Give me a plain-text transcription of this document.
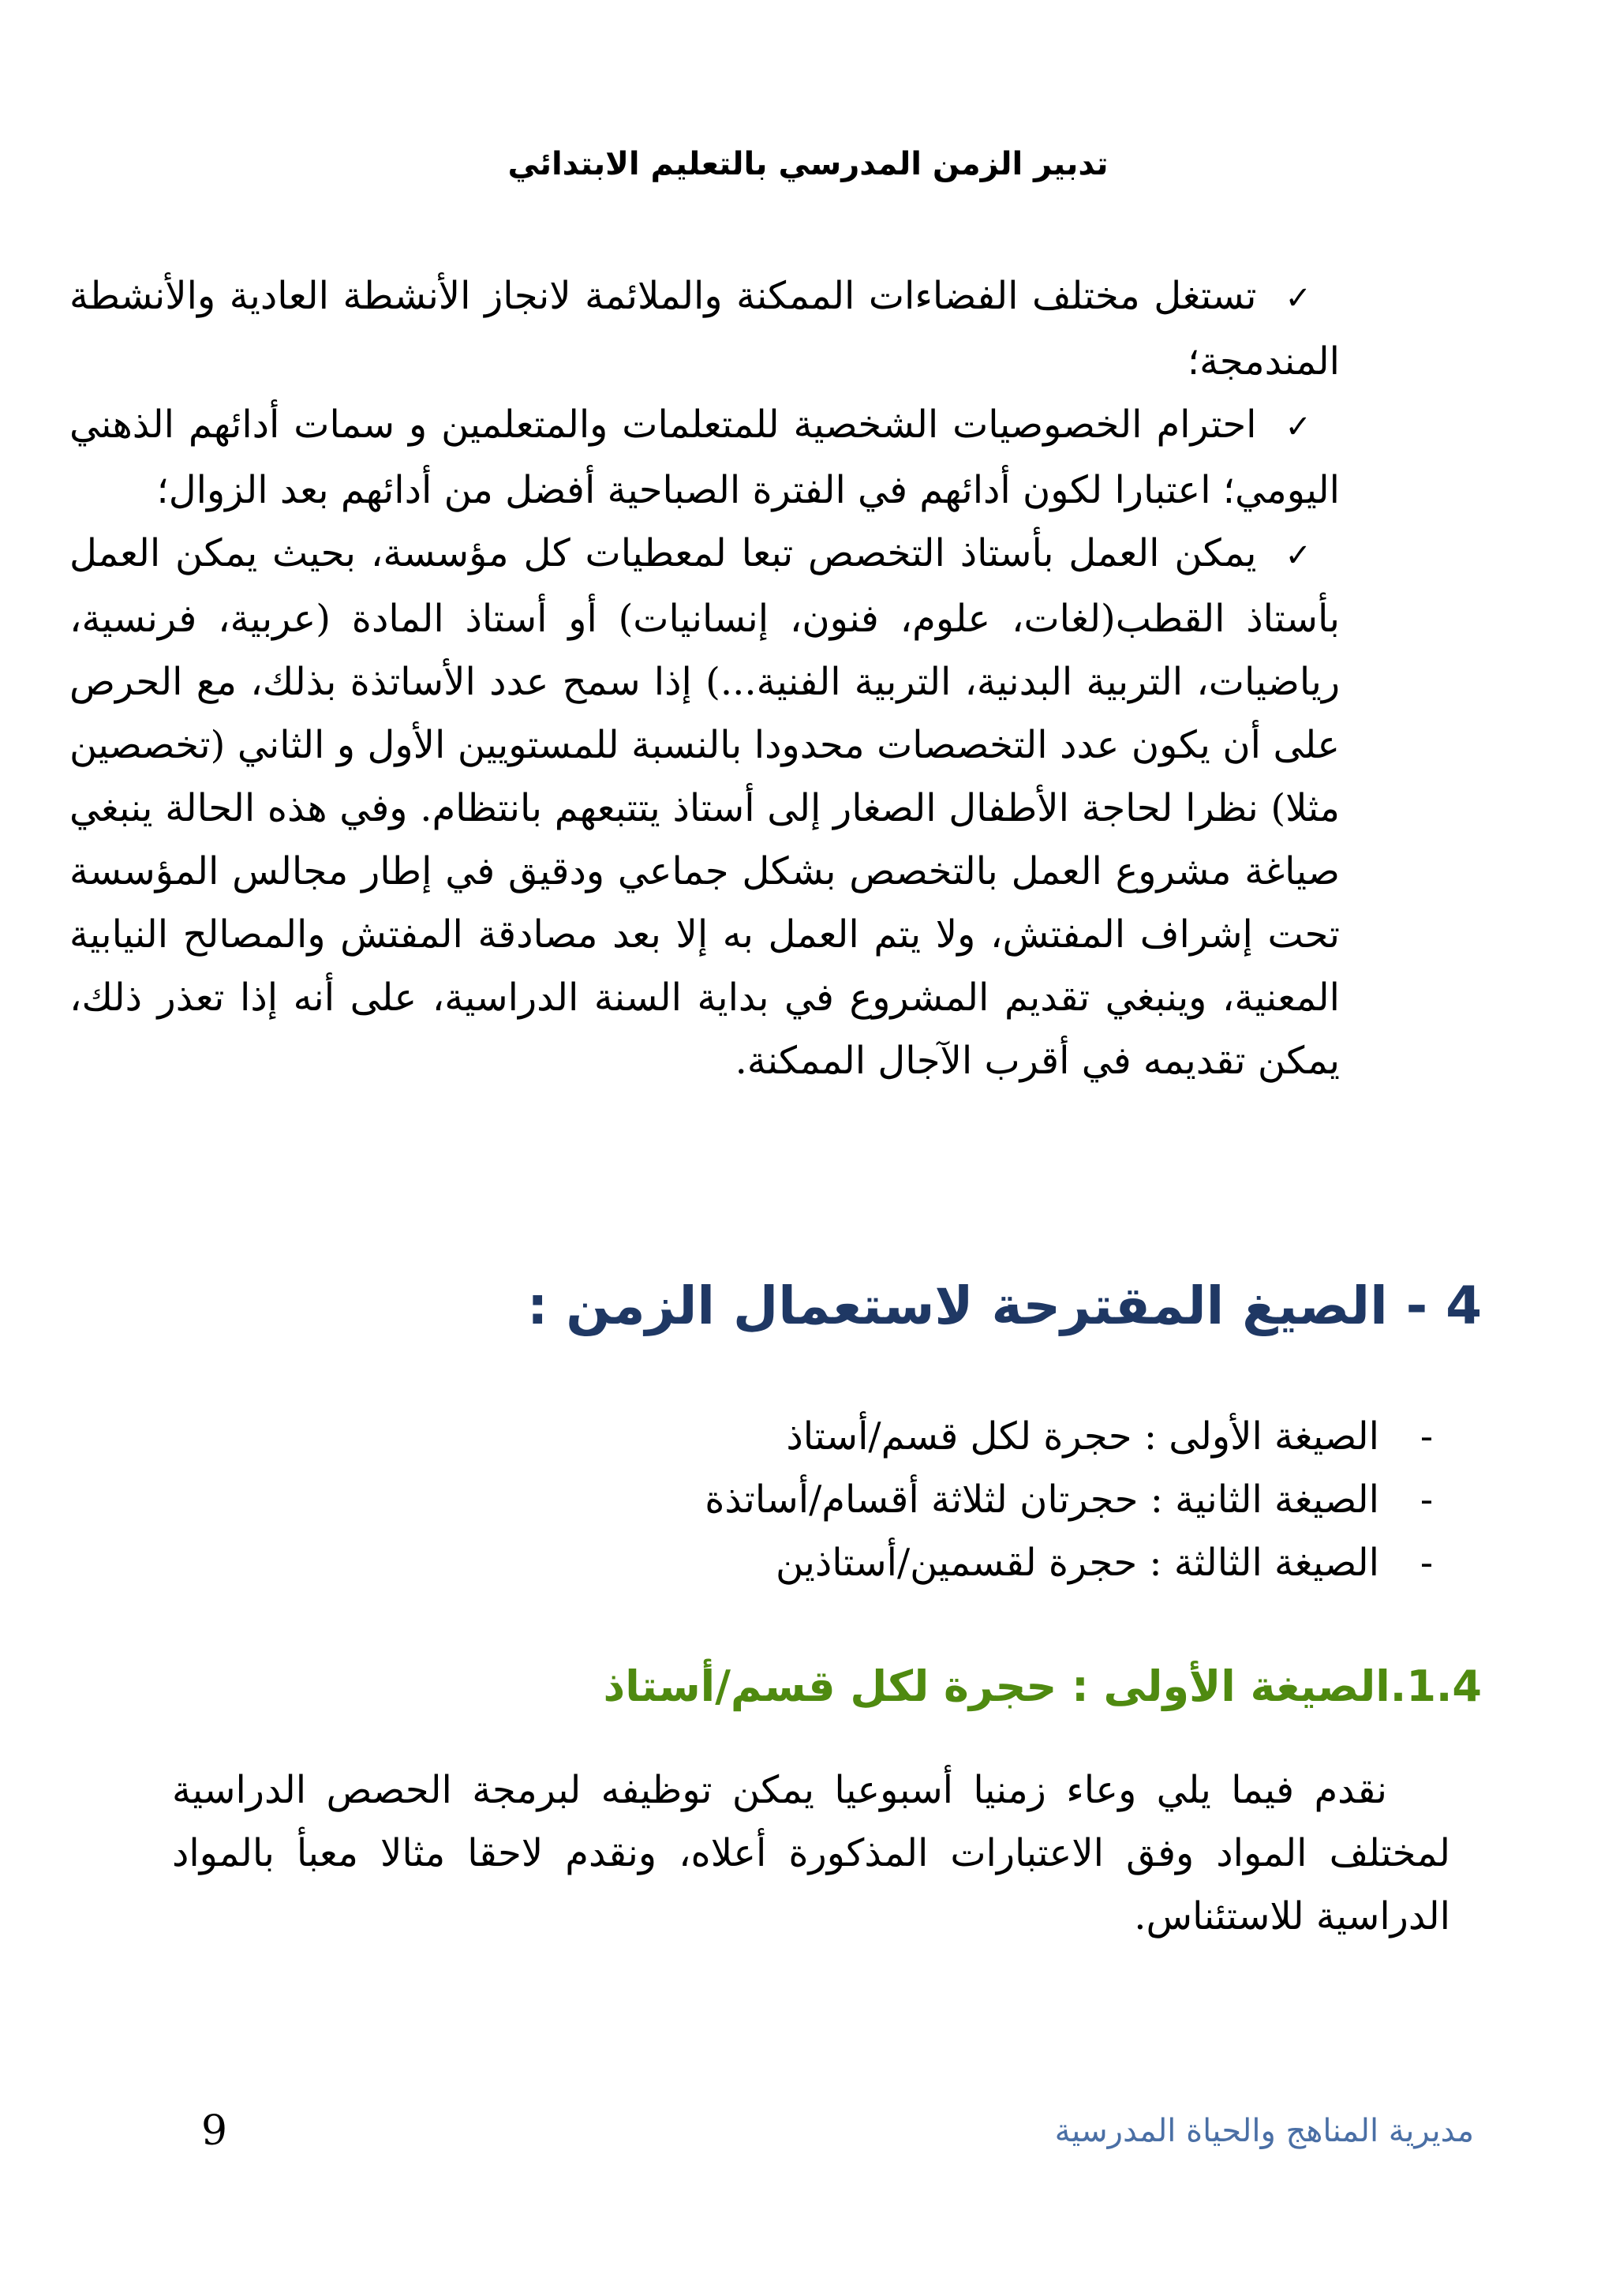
تدبير الزمن المدرسي بالتعليم الابتدائي

✓تستغل مختلف الفضاءات الممكنة والملائمة لانجاز الأنشطة العادية والأنشطة المندمجة؛

✓احترام الخصوصيات الشخصية للمتعلمات والمتعلمين و سمات أدائهم الذهني اليومي؛ اعتبارا لكون أدائهم في الفترة الصباحية أفضل من أدائهم بعد الزوال؛

✓يمكن العمل بأستاذ التخصص تبعا لمعطيات كل مؤسسة، بحيث يمكن العمل بأستاذ القطب(لغات، علوم، فنون، إنسانيات) أو أستاذ المادة (عربية، فرنسية، رياضيات، التربية البدنية، التربية الفنية...) إذا سمح عدد الأساتذة بذلك، مع الحرص على أن يكون عدد التخصصات محدودا بالنسبة للمستويين الأول و الثاني (تخصصين مثلا) نظرا لحاجة الأطفال الصغار إلى أستاذ يتتبعهم بانتظام. وفي هذه الحالة ينبغي صياغة مشروع العمل بالتخصص بشكل جماعي ودقيق في إطار مجالس المؤسسة تحت إشراف المفتش، ولا يتم العمل به إلا بعد مصادقة المفتش والمصالح النيابية المعنية، وينبغي تقديم المشروع في بداية السنة الدراسية، على أنه إذا تعذر ذلك، يمكن تقديمه في أقرب الآجال الممكنة.

4 - الصيغ المقترحة لاستعمال الزمن :
-
الصيغة الأولى : حجرة لكل قسم/أستاذ
-
الصيغة الثانية : حجرتان لثلاثة أقسام/أساتذة
-
الصيغة الثالثة : حجرة لقسمين/أستاذين
1.4.الصيغة الأولى : حجرة لكل قسم/أستاذ

نقدم فيما يلي وعاء زمنيا أسبوعيا يمكن توظيفه لبرمجة الحصص الدراسية لمختلف المواد وفق الاعتبارات المذكورة أعلاه، ونقدم لاحقا مثالا معبأ بالمواد الدراسية للاستئناس.

9	مديرية المناهج والحياة المدرسية
